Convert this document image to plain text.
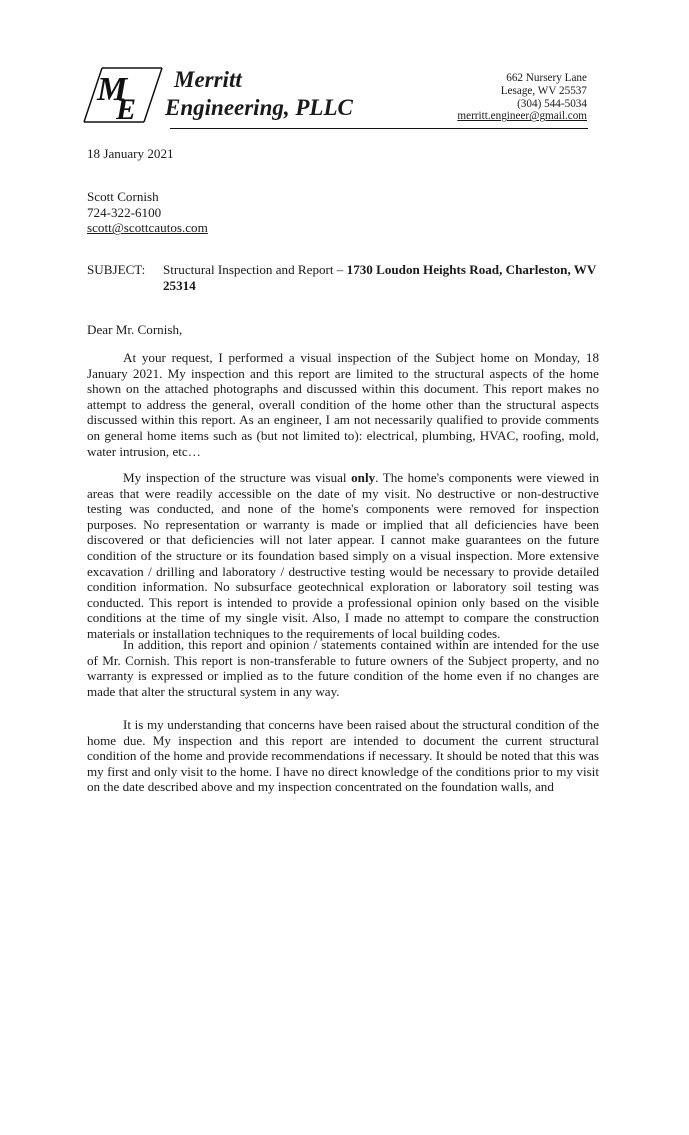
M
E
Merritt
Engineering, PLLC
662 Nursery Lane
Lesage, WV 25537
(304) 544-5034
merritt.engineer@gmail.com
18 January 2021
Scott Cornish
724-322-6100
scott@scottcautos.com
SUBJECT: Structural Inspection and Report – 1730 Loudon Heights Road, Charleston, WV 25314
Dear Mr. Cornish,
At your request, I performed a visual inspection of the Subject home on Monday, 18 January 2021. My inspection and this report are limited to the structural aspects of the home shown on the attached photographs and discussed within this document. This report makes no attempt to address the general, overall condition of the home other than the structural aspects discussed within this report. As an engineer, I am not necessarily qualified to provide comments on general home items such as (but not limited to): electrical, plumbing, HVAC, roofing, mold, water intrusion, etc…
My inspection of the structure was visual only. The home's components were viewed in areas that were readily accessible on the date of my visit. No destructive or non-destructive testing was conducted, and none of the home's components were removed for inspection purposes. No representation or warranty is made or implied that all deficiencies have been discovered or that deficiencies will not later appear. I cannot make guarantees on the future condition of the structure or its foundation based simply on a visual inspection. More extensive excavation / drilling and laboratory / destructive testing would be necessary to provide detailed condition information. No subsurface geotechnical exploration or laboratory soil testing was conducted. This report is intended to provide a professional opinion only based on the visible conditions at the time of my single visit. Also, I made no attempt to compare the construction materials or installation techniques to the requirements of local building codes.
In addition, this report and opinion / statements contained within are intended for the use of Mr. Cornish. This report is non-transferable to future owners of the Subject property, and no warranty is expressed or implied as to the future condition of the home even if no changes are made that alter the structural system in any way.
It is my understanding that concerns have been raised about the structural condition of the home due. My inspection and this report are intended to document the current structural condition of the home and provide recommendations if necessary. It should be noted that this was my first and only visit to the home. I have no direct knowledge of the conditions prior to my visit on the date described above and my inspection concentrated on the foundation walls, and
